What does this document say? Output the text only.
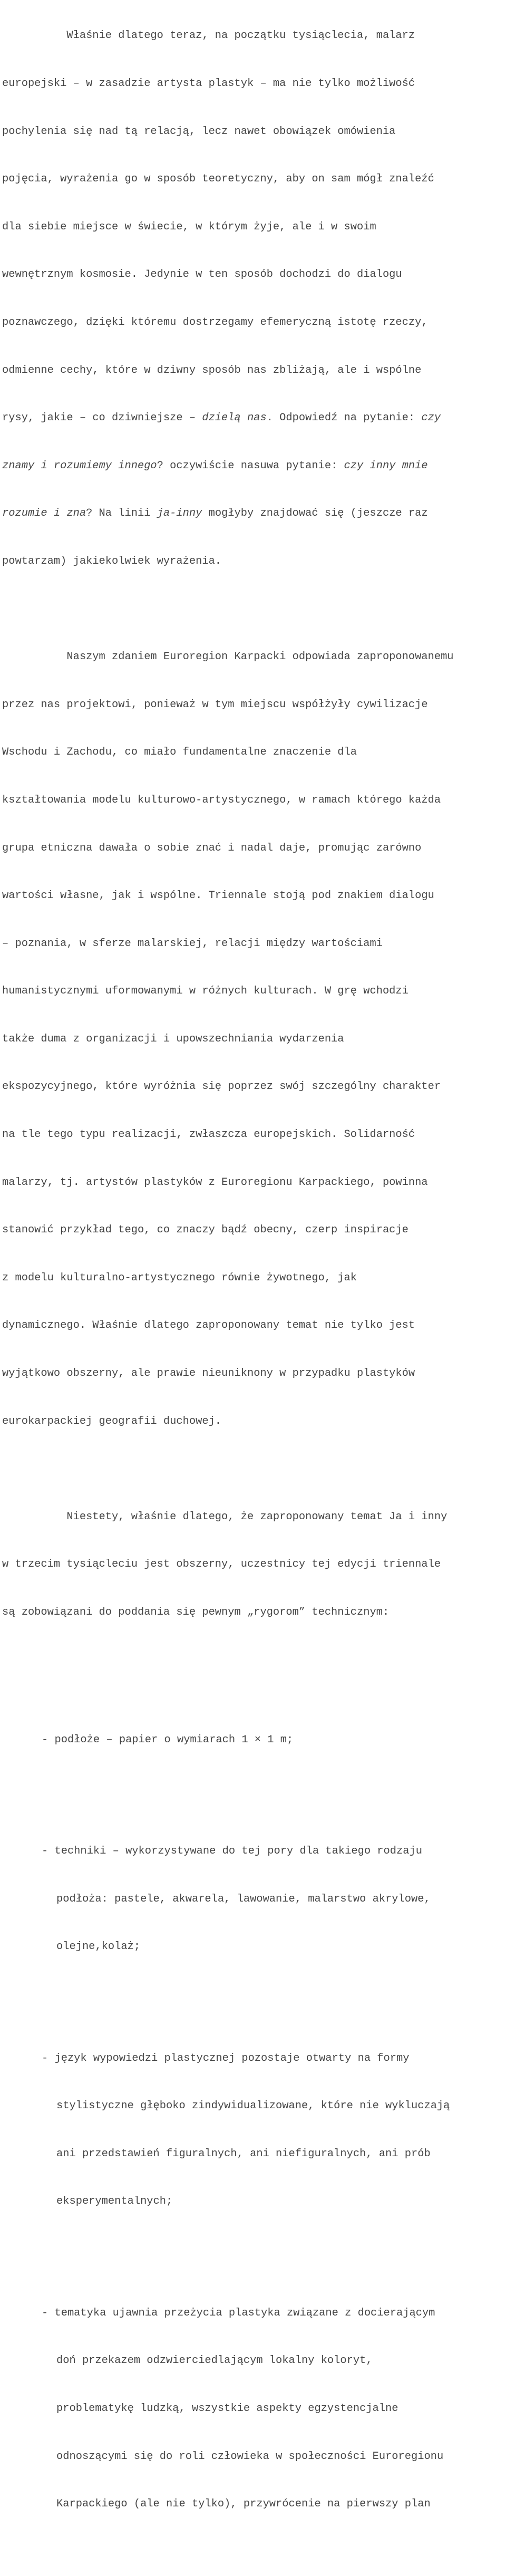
Właśnie dlatego teraz, na początku tysiąclecia, malarz

europejski – w zasadzie artysta plastyk – ma nie tylko możliwość

pochylenia się nad tą relacją, lecz nawet obowiązek omówienia

pojęcia, wyrażenia go w sposób teoretyczny, aby on sam mógł znaleźć

dla siebie miejsce w świecie, w którym żyje, ale i w swoim

wewnętrznym kosmosie. Jedynie w ten sposób dochodzi do dialogu

poznawczego, dzięki któremu dostrzegamy efemeryczną istotę rzeczy,

odmienne cechy, które w dziwny sposób nas zbliżają, ale i wspólne

rysy, jakie – co dziwniejsze – dzielą nas. Odpowiedź na pytanie: czy

znamy i rozumiemy innego? oczywiście nasuwa pytanie: czy inny mnie

rozumie i zna? Na linii ja-inny mogłyby znajdować się (jeszcze raz

powtarzam) jakiekolwiek wyrażenia.

Naszym zdaniem Euroregion Karpacki odpowiada zaproponowanemu

przez nas projektowi, ponieważ w tym miejscu współżyły cywilizacje

Wschodu i Zachodu, co miało fundamentalne znaczenie dla

kształtowania modelu kulturowo-artystycznego, w ramach którego każda

grupa etniczna dawała o sobie znać i nadal daje, promując zarówno

wartości własne, jak i wspólne. Triennale stoją pod znakiem dialogu

– poznania, w sferze malarskiej, relacji między wartościami

humanistycznymi uformowanymi w różnych kulturach. W grę wchodzi

także duma z organizacji i upowszechniania wydarzenia

ekspozycyjnego, które wyróżnia się poprzez swój szczególny charakter

na tle tego typu realizacji, zwłaszcza europejskich. Solidarność

malarzy, tj. artystów plastyków z Euroregionu Karpackiego, powinna

stanowić przykład tego, co znaczy bądź obecny, czerp inspiracje

z modelu kulturalno-artystycznego równie żywotnego, jak

dynamicznego. Właśnie dlatego zaproponowany temat nie tylko jest

wyjątkowo obszerny, ale prawie nieuniknony w przypadku plastyków

eurokarpackiej geografii duchowej.

Niestety, właśnie dlatego, że zaproponowany temat Ja i inny

w trzecim tysiącleciu jest obszerny, uczestnicy tej edycji triennale

są zobowiązani do poddania się pewnym „rygorom” technicznym:

- podłoże – papier o wymiarach 1 × 1 m;

- techniki – wykorzystywane do tej pory dla takiego rodzaju

podłoża: pastele, akwarela, lawowanie, malarstwo akrylowe,

olejne,kolaż;

- język wypowiedzi plastycznej pozostaje otwarty na formy

stylistyczne głęboko zindywidualizowane, które nie wykluczają

ani przedstawień figuralnych, ani niefiguralnych, ani prób

eksperymentalnych;

- tematyka ujawnia przeżycia plastyka związane z docierającym

doń przekazem odzwierciedlającym lokalny koloryt,

problematykę ludzką, wszystkie aspekty egzystencjalne

odnoszącymi się do roli człowieka w społeczności Euroregionu

Karpackiego (ale nie tylko), przywrócenie na pierwszy plan
